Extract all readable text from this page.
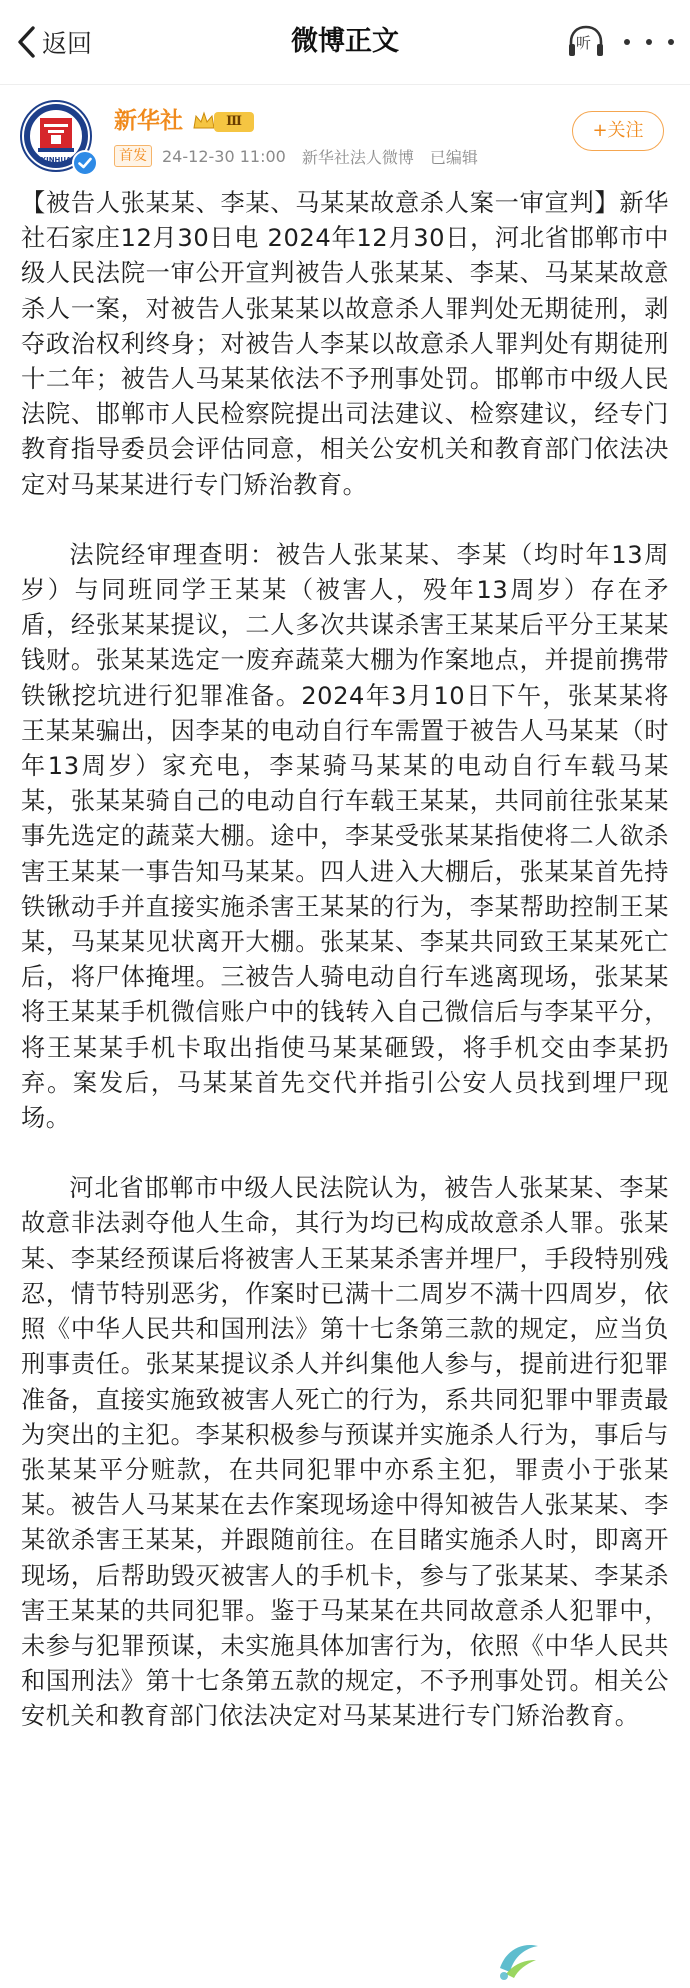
返回	微博正文	听
XINHUA
新华社	Ⅲ
首发 24-12-30 11:00 新华社法人微博 已编辑
+关注

【被告人张某某、李某、马某某故意杀人案一审宣判】新华社石家庄12月30日电 2024年12月30日，河北省邯郸市中级人民法院一审公开宣判被告人张某某、李某、马某某故意杀人一案，对被告人张某某以故意杀人罪判处无期徒刑，剥夺政治权利终身；对被告人李某以故意杀人罪判处有期徒刑十二年；被告人马某某依法不予刑事处罚。邯郸市中级人民法院、邯郸市人民检察院提出司法建议、检察建议，经专门教育指导委员会评估同意，相关公安机关和教育部门依法决定对马某某进行专门矫治教育。

法院经审理查明：被告人张某某、李某（均时年13周岁）与同班同学王某某（被害人，殁年13周岁）存在矛盾，经张某某提议，二人多次共谋杀害王某某后平分王某某钱财。张某某选定一废弃蔬菜大棚为作案地点，并提前携带铁锹挖坑进行犯罪准备。2024年3月10日下午，张某某将王某某骗出，因李某的电动自行车需置于被告人马某某（时年13周岁）家充电，李某骑马某某的电动自行车载马某某，张某某骑自己的电动自行车载王某某，共同前往张某某事先选定的蔬菜大棚。途中，李某受张某某指使将二人欲杀害王某某一事告知马某某。四人进入大棚后，张某某首先持铁锹动手并直接实施杀害王某某的行为，李某帮助控制王某某，马某某见状离开大棚。张某某、李某共同致王某某死亡后，将尸体掩埋。三被告人骑电动自行车逃离现场，张某某将王某某手机微信账户中的钱转入自己微信后与李某平分，将王某某手机卡取出指使马某某砸毁，将手机交由李某扔弃。案发后，马某某首先交代并指引公安人员找到埋尸现场。

河北省邯郸市中级人民法院认为，被告人张某某、李某故意非法剥夺他人生命，其行为均已构成故意杀人罪。张某某、李某经预谋后将被害人王某某杀害并埋尸，手段特别残忍，情节特别恶劣，作案时已满十二周岁不满十四周岁，依照《中华人民共和国刑法》第十七条第三款的规定，应当负刑事责任。张某某提议杀人并纠集他人参与，提前进行犯罪准备，直接实施致被害人死亡的行为，系共同犯罪中罪责最为突出的主犯。李某积极参与预谋并实施杀人行为，事后与张某某平分赃款，在共同犯罪中亦系主犯，罪责小于张某某。被告人马某某在去作案现场途中得知被告人张某某、李某欲杀害王某某，并跟随前往。在目睹实施杀人时，即离开现场，后帮助毁灭被害人的手机卡，参与了张某某、李某杀害王某某的共同犯罪。鉴于马某某在共同故意杀人犯罪中，未参与犯罪预谋，未实施具体加害行为，依照《中华人民共和国刑法》第十七条第五款的规定，不予刑事处罚。相关公安机关和教育部门依法决定对马某某进行专门矫治教育。
